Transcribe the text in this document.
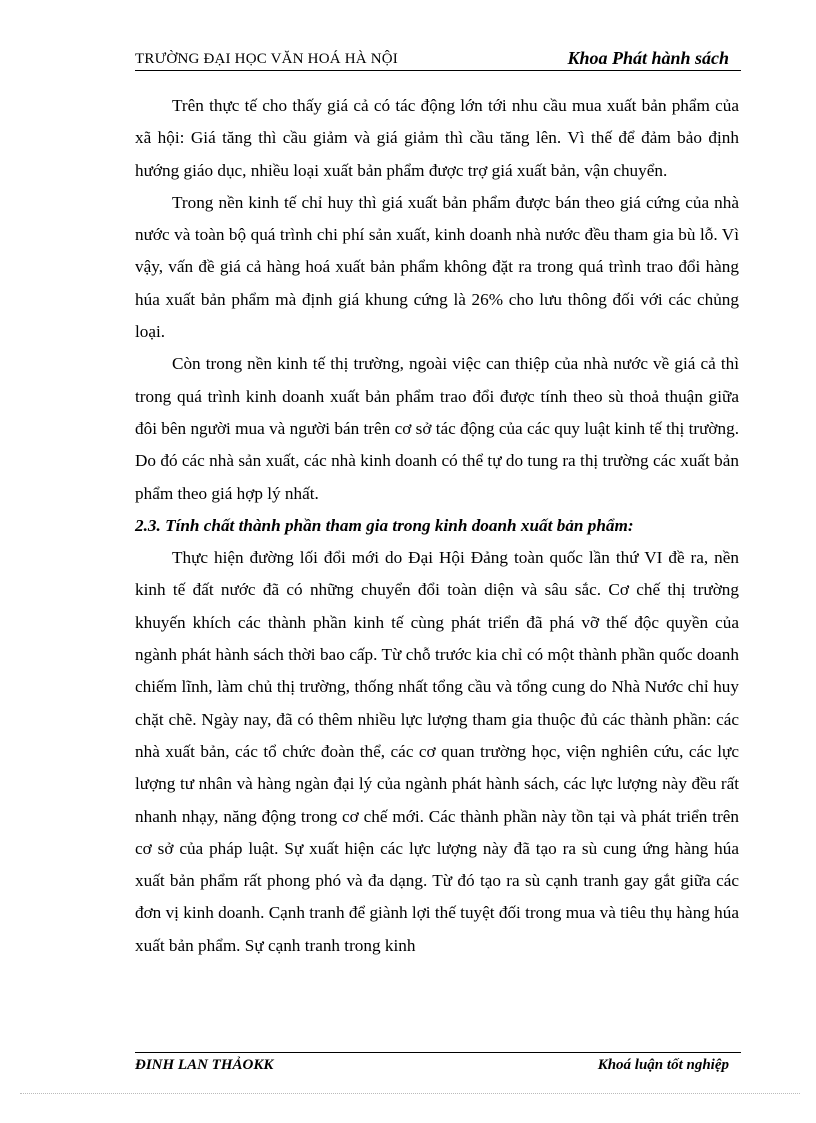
TRƯỜNG ĐẠI HỌC VĂN HOÁ HÀ NỘI	Khoa Phát hành sách

Trên thực tế cho thấy giá cả có tác động lớn tới nhu cầu mua xuất bản phẩm của xã hội: Giá tăng thì cầu giảm và giá giảm thì cầu tăng lên. Vì thế để đảm bảo định hướng giáo dục, nhiều loại xuất bản phẩm được trợ giá xuất bản, vận chuyển.

Trong nền kinh tế chỉ huy thì giá xuất bản phẩm được bán theo giá cứng của nhà nước và toàn bộ quá trình chi phí sản xuất, kinh doanh nhà nước đều tham gia bù lỗ. Vì vậy, vấn đề giá cả hàng hoá xuất bản phẩm không đặt ra trong quá trình trao đổi hàng húa xuất bản phẩm mà định giá khung cứng là 26% cho lưu thông đối với các chủng loại.

Còn trong nền kinh tế thị trường, ngoài việc can thiệp của nhà nước về giá cả thì trong quá trình kinh doanh xuất bản phẩm trao đổi được tính theo sù thoả thuận giữa đôi bên người mua và người bán trên cơ sở tác động của các quy luật kinh tế thị trường. Do đó các nhà sản xuất, các nhà kinh doanh có thể tự do tung ra thị trường các xuất bản phẩm theo giá hợp lý nhất.

2.3. Tính chất thành phần tham gia trong kinh doanh xuất bản phẩm:

Thực hiện đường lối đổi mới do Đại Hội Đảng toàn quốc lần thứ VI đề ra, nền kinh tế đất nước đã có những chuyển đổi toàn diện và sâu sắc. Cơ chế thị trường khuyến khích các thành phần kinh tế cùng phát triển đã phá vỡ thế độc quyền của ngành phát hành sách thời bao cấp. Từ chỗ trước kia chỉ có một thành phần quốc doanh chiếm lĩnh, làm chủ thị trường, thống nhất tổng cầu và tổng cung do Nhà Nước chỉ huy chặt chẽ. Ngày nay, đã có thêm nhiều lực lượng tham gia thuộc đủ các thành phần: các nhà xuất bản, các tổ chức đoàn thể, các cơ quan trường học, viện nghiên cứu, các lực lượng tư nhân và hàng ngàn đại lý của ngành phát hành sách, các lực lượng này đều rất nhanh nhạy, năng động trong cơ chế mới. Các thành phần này tồn tại và phát triển trên cơ sở của pháp luật. Sự xuất hiện các lực lượng này đã tạo ra sù cung ứng hàng húa xuất bản phẩm rất phong phó và đa dạng. Từ đó tạo ra sù cạnh tranh gay gắt giữa các đơn vị kinh doanh. Cạnh tranh để giành lợi thế tuyệt đối trong mua và tiêu thụ hàng húa xuất bản phẩm. Sự cạnh tranh trong kinh

ĐINH LAN THẢOKK	Khoá luận tốt nghiệp
